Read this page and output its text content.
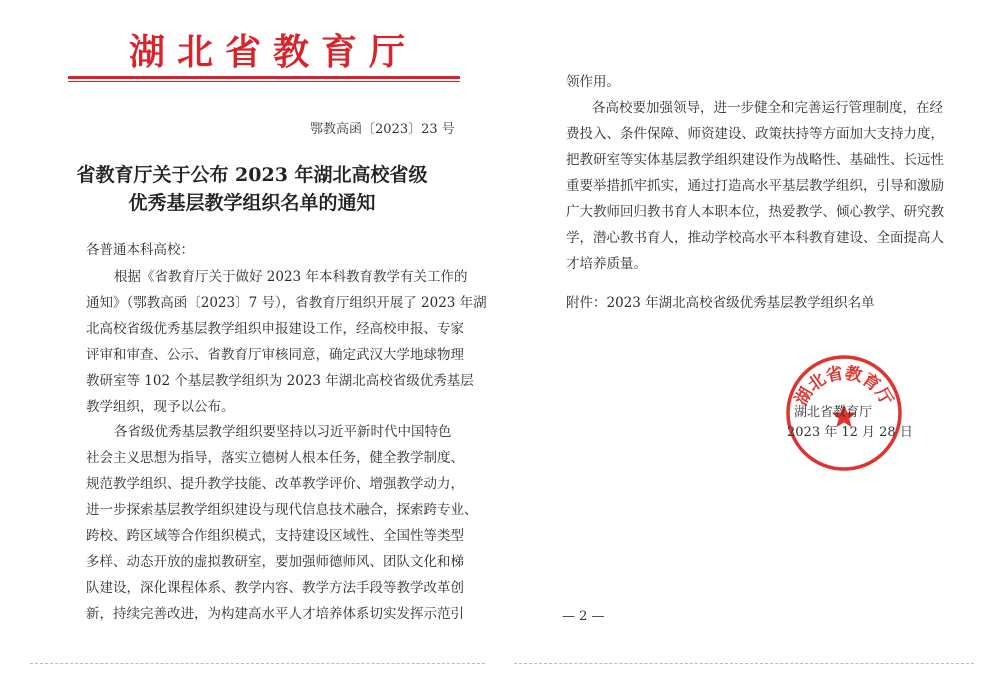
湖北省教育厅
鄂教高函〔2023〕23 号
省教育厅关于公布 2023 年湖北高校省级
优秀基层教学组织名单的通知
各普通本科高校：
根据《省教育厅关于做好 2023 年本科教育教学有关工作的
通知》（鄂教高函〔2023〕7 号），省教育厅组织开展了 2023 年湖
北高校省级优秀基层教学组织申报建设工作，经高校申报、专家
评审和审查、公示、省教育厅审核同意，确定武汉大学地球物理
教研室等 102 个基层教学组织为 2023 年湖北高校省级优秀基层
教学组织，现予以公布。
各省级优秀基层教学组织要坚持以习近平新时代中国特色
社会主义思想为指导，落实立德树人根本任务，健全教学制度、
规范教学组织、提升教学技能、改革教学评价、增强教学动力，
进一步探索基层教学组织建设与现代信息技术融合，探索跨专业、
跨校、跨区域等合作组织模式，支持建设区域性、全国性等类型
多样、动态开放的虚拟教研室，要加强师德师风、团队文化和梯
队建设，深化课程体系、教学内容、教学方法手段等教学改革创
新，持续完善改进，为构建高水平人才培养体系切实发挥示范引
领作用。
各高校要加强领导，进一步健全和完善运行管理制度，在经
费投入、条件保障、师资建设、政策扶持等方面加大支持力度，
把教研室等实体基层教学组织建设作为战略性、基础性、长远性
重要举措抓牢抓实，通过打造高水平基层教学组织，引导和激励
广大教师回归教书育人本职本位，热爱教学、倾心教学、研究教
学，潜心教书育人，推动学校高水平本科教育建设、全面提高人
才培养质量。
附件：2023 年湖北高校省级优秀基层教学组织名单
湖北省教育厅
湖北省教育厅
2023 年 12 月 28 日
— 2 —
